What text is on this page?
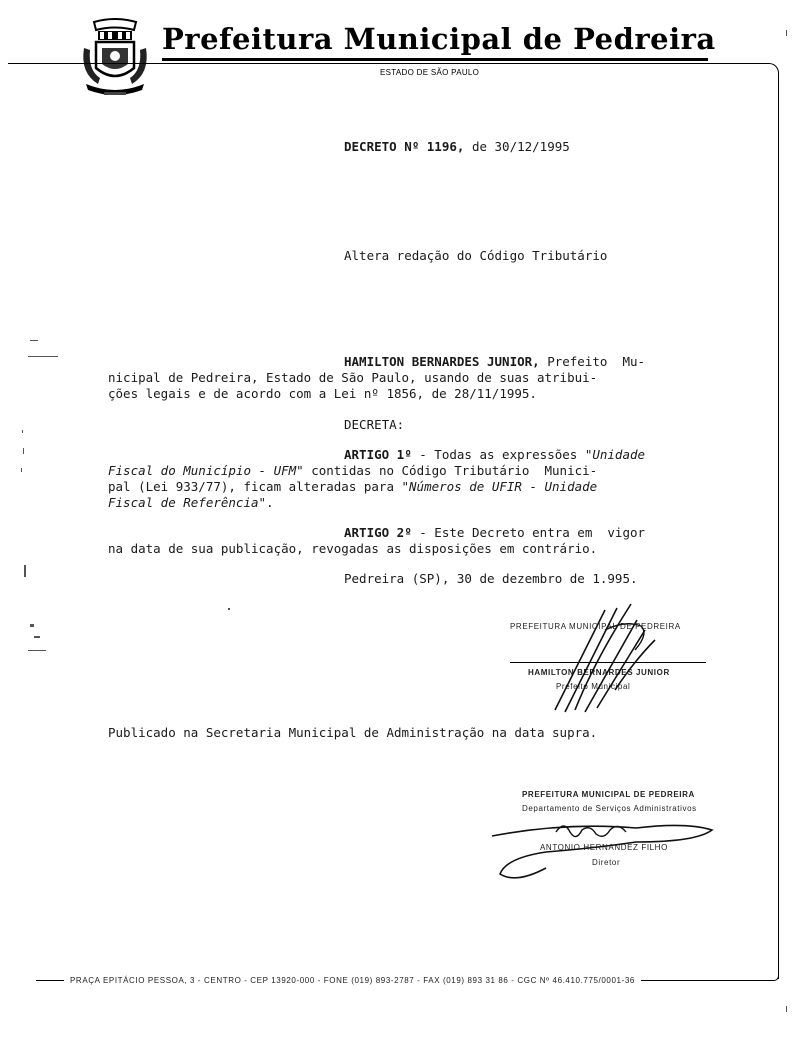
Prefeitura Municipal de Pedreira
ESTADO DE SÃO PAULO
DECRETO Nº 1196, de 30/12/1995
Altera redação do Código Tributário
HAMILTON BERNARDES JUNIOR, Prefeito  Mu-
nicipal de Pedreira, Estado de São Paulo, usando de suas atribui-
ções legais e de acordo com a Lei nº 1856, de 28/11/1995.
DECRETA:
ARTIGO 1º - Todas as expressões "Unidade
Fiscal do Município - UFM" contidas no Código Tributário  Munici-
pal (Lei 933/77), ficam alteradas para "Números de UFIR - Unidade
Fiscal de Referência".
ARTIGO 2º - Este Decreto entra em  vigor
na data de sua publicação, revogadas as disposições em contrário.
Pedreira (SP), 30 de dezembro de 1.995.
PREFEITURA MUNICIPAL DE PEDREIRA
HAMILTON BERNARDES JUNIOR
Prefeito Municipal
Publicado na Secretaria Municipal de Administração na data supra.
PREFEITURA MUNICIPAL DE PEDREIRA
Departamento de Serviços Administrativos
ANTONIO HERNANDEZ FILHO
Diretor
PRAÇA EPITÁCIO PESSOA, 3 - CENTRO - CEP 13920-000 - FONE (019) 893-2787 - FAX (019) 893 31 86 - CGC Nº 46.410.775/0001-36
